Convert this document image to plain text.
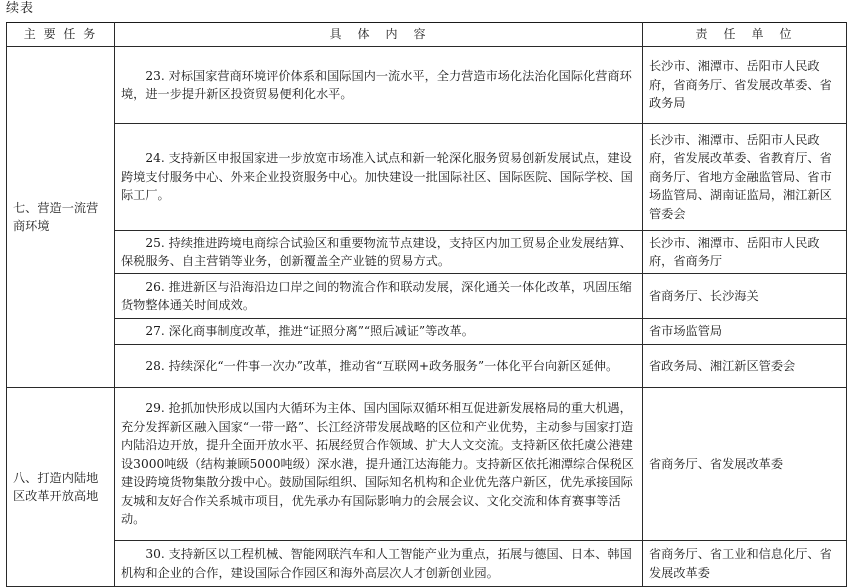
续表
主 要 任 务	具　体　内　容	责　任　单　位
七、营造一流营商环境	23. 对标国家营商环境评价体系和国际国内一流水平，全力营造市场化法治化国际化营商环境，进一步提升新区投资贸易便利化水平。	长沙市、湘潭市、岳阳市人民政府，省商务厅、省发展改革委、省政务局
	24. 支持新区申报国家进一步放宽市场准入试点和新一轮深化服务贸易创新发展试点，建设跨境支付服务中心、外来企业投资服务中心。加快建设一批国际社区、国际医院、国际学校、国际工厂。	长沙市、湘潭市、岳阳市人民政府，省发展改革委、省教育厅、省商务厅、省地方金融监管局、省市场监管局、湖南证监局，湘江新区管委会
	25. 持续推进跨境电商综合试验区和重要物流节点建设，支持区内加工贸易企业发展结算、保税服务、自主营销等业务，创新覆盖全产业链的贸易方式。	长沙市、湘潭市、岳阳市人民政府，省商务厅
	26. 推进新区与沿海沿边口岸之间的物流合作和联动发展，深化通关一体化改革，巩固压缩货物整体通关时间成效。	省商务厅、长沙海关
	27. 深化商事制度改革，推进“证照分离”“照后减证”等改革。	省市场监管局
	28. 持续深化“一件事一次办”改革，推动省“互联网+政务服务”一体化平台向新区延伸。	省政务局、湘江新区管委会
八、打造内陆地区改革开放高地	29. 抢抓加快形成以国内大循环为主体、国内国际双循环相互促进新发展格局的重大机遇，充分发挥新区融入国家“一带一路”、长江经济带发展战略的区位和产业优势，主动参与国家打造内陆沿边开放，提升全面开放水平、拓展经贸合作领域、扩大人文交流。支持新区依托虞公港建设3000吨级（结构兼顾5000吨级）深水港，提升通江达海能力。支持新区依托湘潭综合保税区建设跨境货物集散分拨中心。鼓励国际组织、国际知名机构和企业优先落户新区，优先承接国际友城和友好合作关系城市项目，优先承办有国际影响力的会展会议、文化交流和体育赛事等活动。	省商务厅、省发展改革委
	30. 支持新区以工程机械、智能网联汽车和人工智能产业为重点，拓展与德国、日本、韩国机构和企业的合作，建设国际合作园区和海外高层次人才创新创业园。	省商务厅、省工业和信息化厅、省发展改革委
